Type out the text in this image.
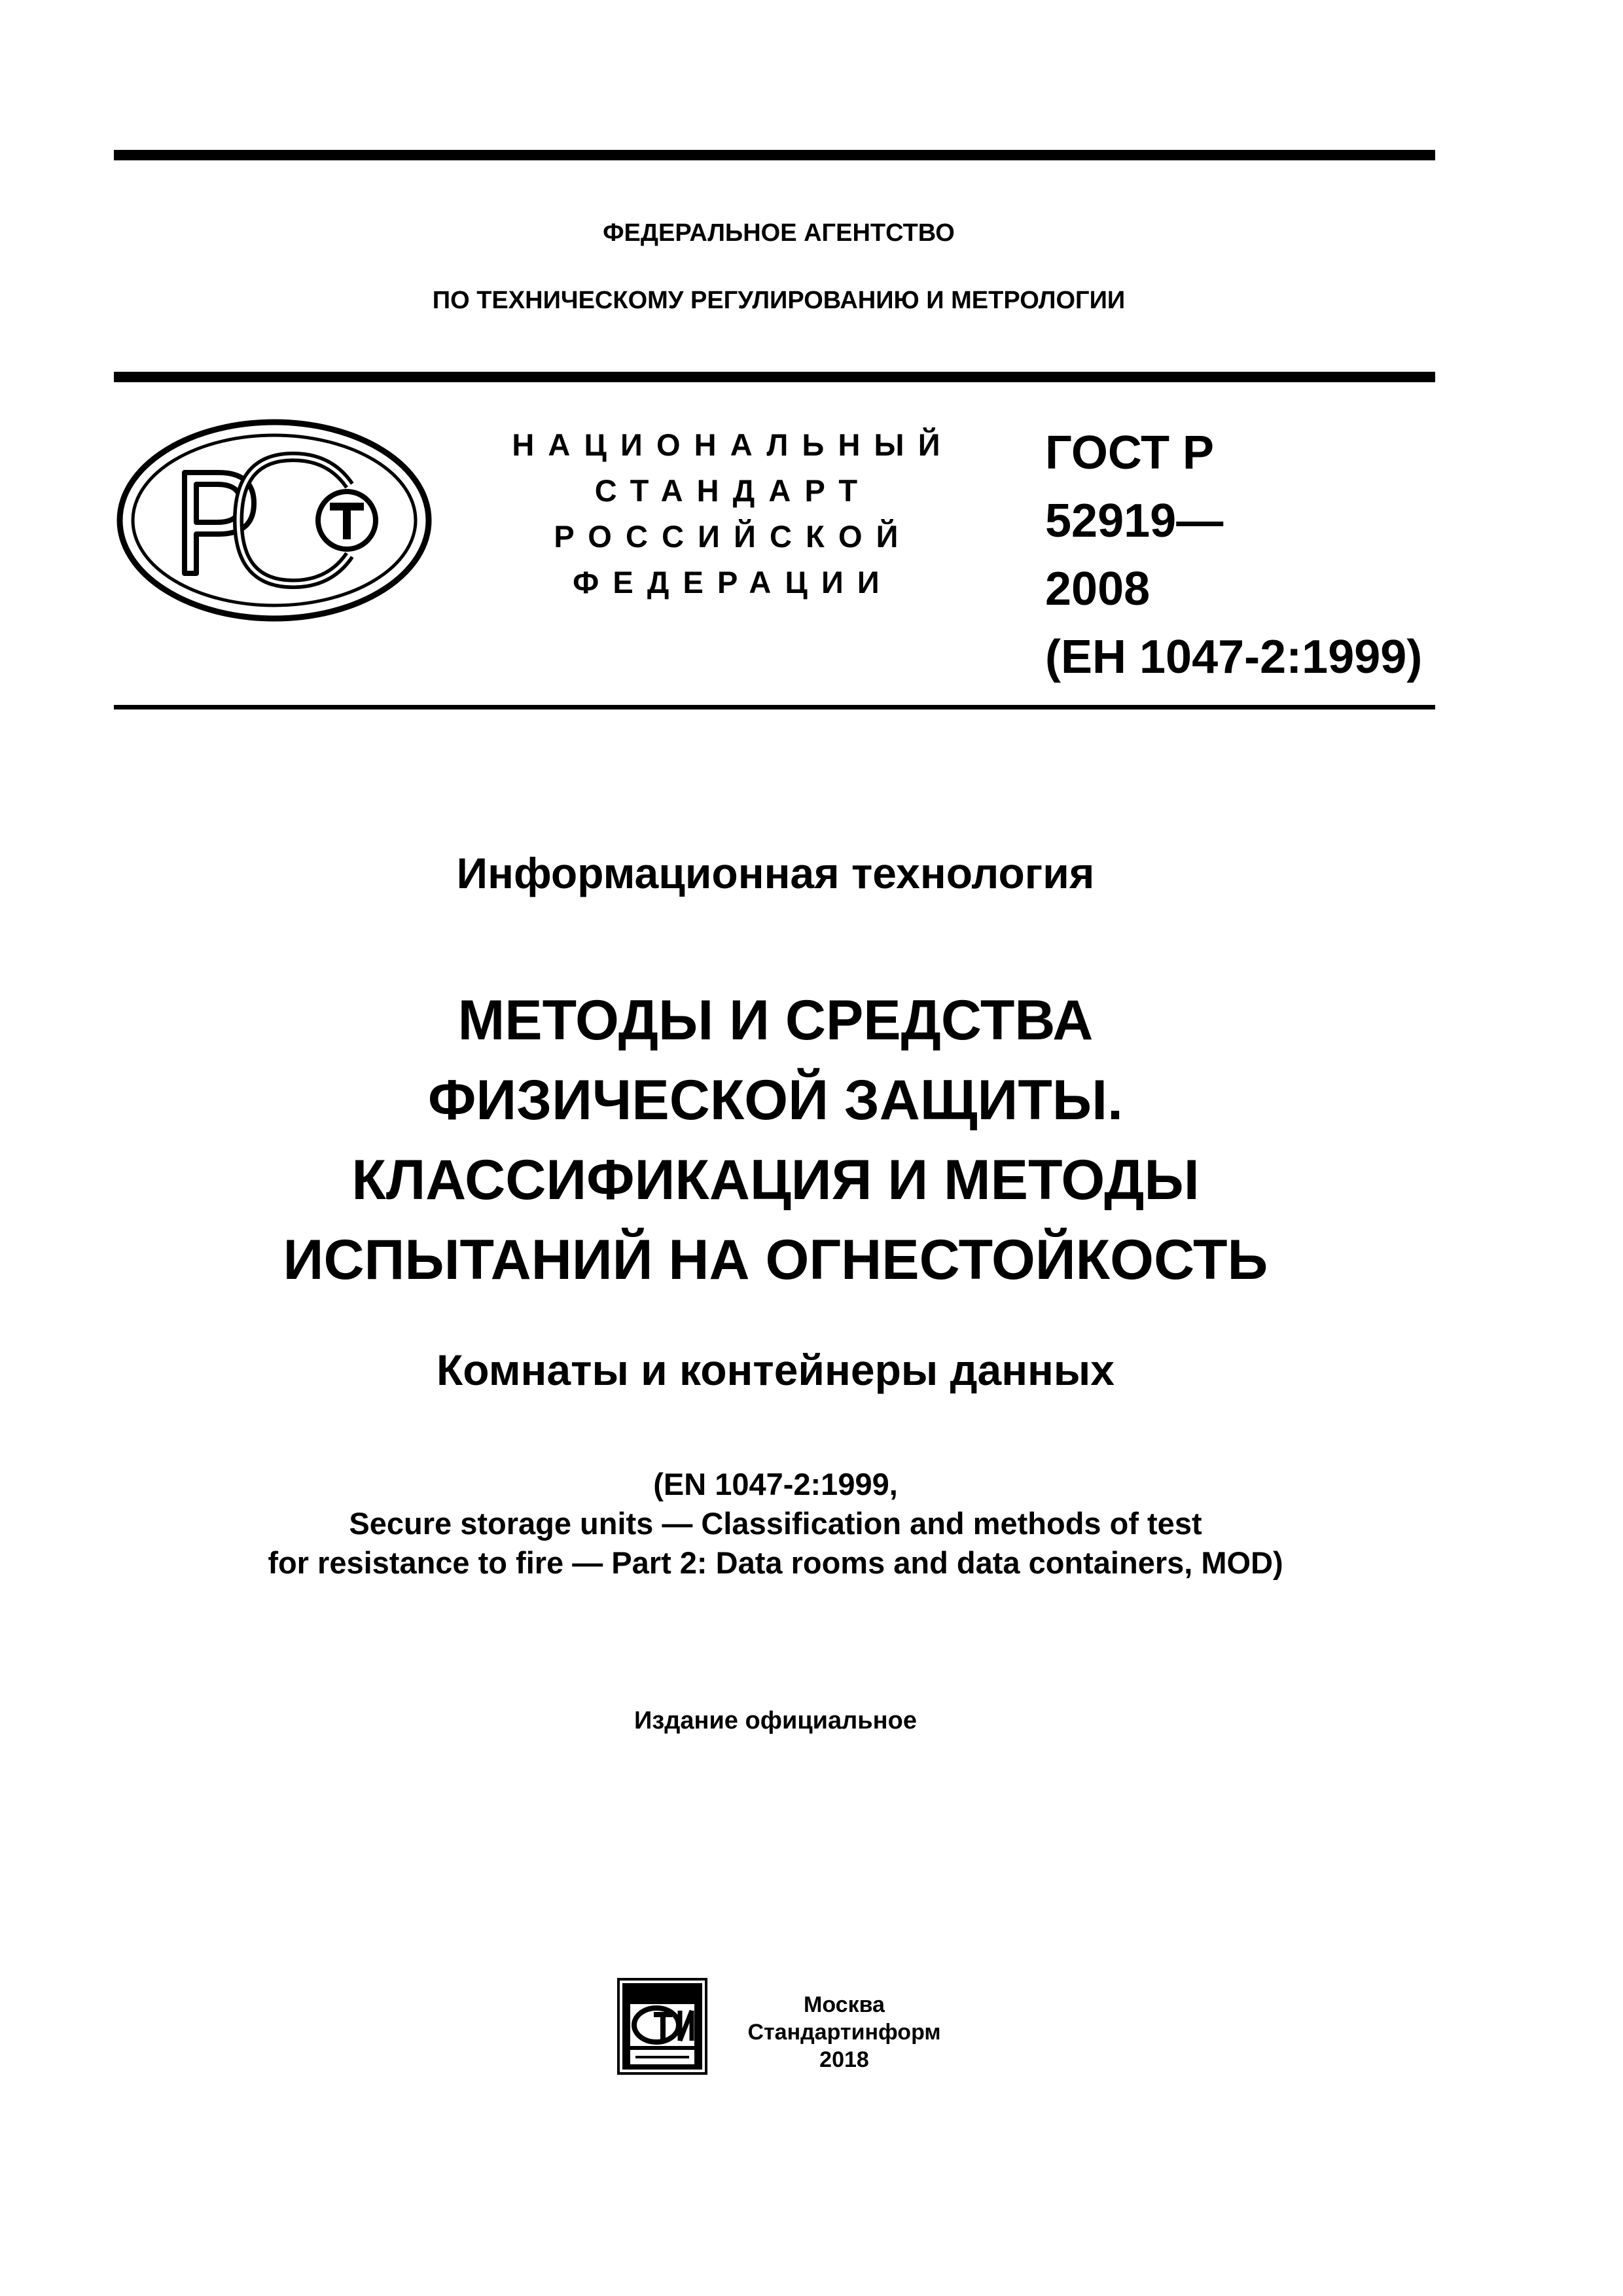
ФЕДЕРАЛЬНОЕ АГЕНТСТВО
ПО ТЕХНИЧЕСКОМУ РЕГУЛИРОВАНИЮ И МЕТРОЛОГИИ
НАЦИОНАЛЬНЫЙ
СТАНДАРТ
РОССИЙСКОЙ
ФЕДЕРАЦИИ
ГОСТ Р
52919—
2008
(ЕН 1047-2:1999)
Информационная технология
МЕТОДЫ И СРЕДСТВА
ФИЗИЧЕСКОЙ ЗАЩИТЫ.
КЛАССИФИКАЦИЯ И МЕТОДЫ
ИСПЫТАНИЙ НА ОГНЕСТОЙКОСТЬ
Комнаты и контейнеры данных
(EN 1047-2:1999,
Secure storage units — Classification and methods of test
for resistance to fire — Part 2: Data rooms and data containers, MOD)
Издание официальное
Москва
Стандартинформ
2018
